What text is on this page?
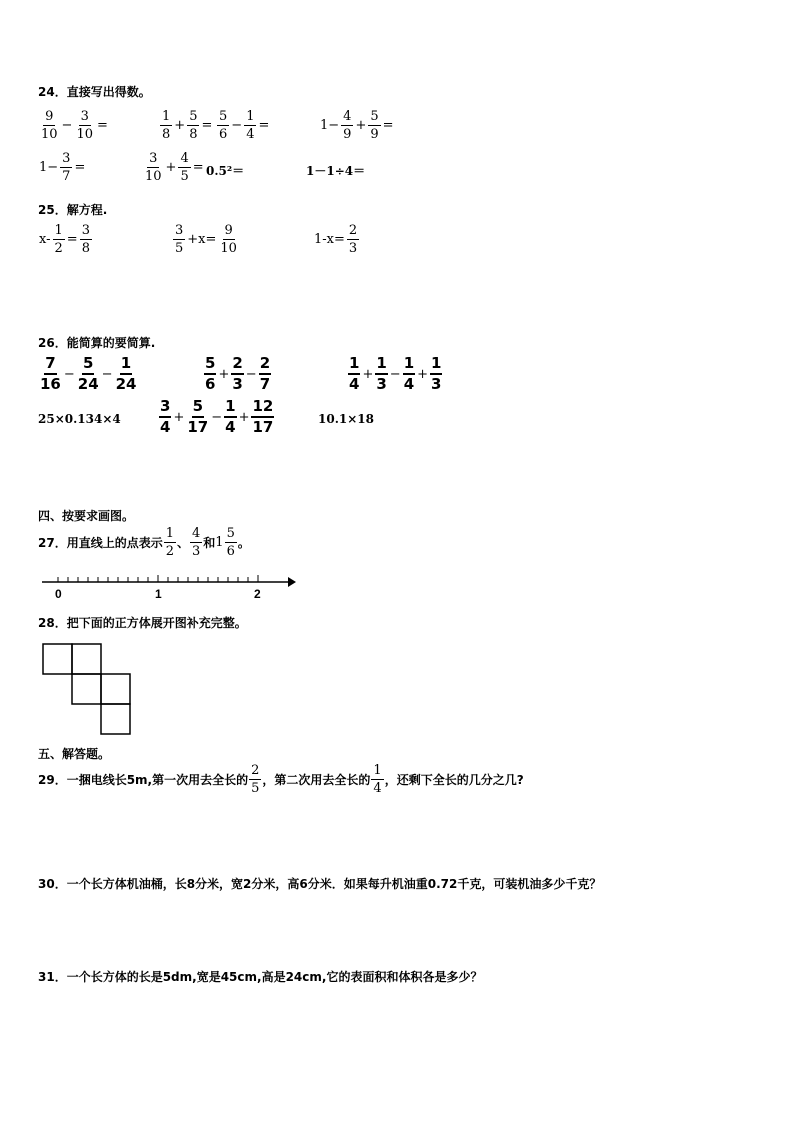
24．直接写出得数。
$\frac{9}{10} - \frac{3}{10}$ =	$\frac{1}{8} + \frac{5}{8} = \frac{5}{6} - \frac{1}{4}$ =	$1- \frac{4}{9} + \frac{5}{9}$ =
$1- \frac{3}{7}$ =	$\frac{3}{10} + \frac{4}{5} = 0.5^2=$	1－1÷4＝
25．解方程.
$x- \frac{1}{2} = \frac{3}{8}$	$\frac{3}{5} +x= \frac{9}{10}$	$1-x= \frac{2}{3}$
26．能简算的要简算.
$\frac{7}{16} - \frac{5}{24} - \frac{1}{24}$	$\frac{5}{6} + \frac{2}{3} - \frac{2}{7}$	$\frac{1}{4} + \frac{1}{3} - \frac{1}{4} + \frac{1}{3}$
25×0.134×4	$\frac{3}{4} + \frac{5}{17} - \frac{1}{4} + \frac{12}{17}$	10.1×18
四、按要求画图。
27．用直线上的点表示 $\frac{1}{2}$ 、 $\frac{4}{3}$ 和$1 \frac{5}{6}$ 。
0	1	2
28．把下面的正方体展开图补充完整。
五、解答题。
29．一捆电线长5m,第一次用去全长的 $\frac{2}{5}$ ，第二次用去全长的 $\frac{1}{4}$ ，还剩下全长的几分之几?
30．一个长方体机油桶，长8分米，宽2分米，高6分米．如果每升机油重0.72千克，可装机油多少千克？
31．一个长方体的长是5dm,宽是45cm,高是24cm,它的表面积和体积各是多少？
